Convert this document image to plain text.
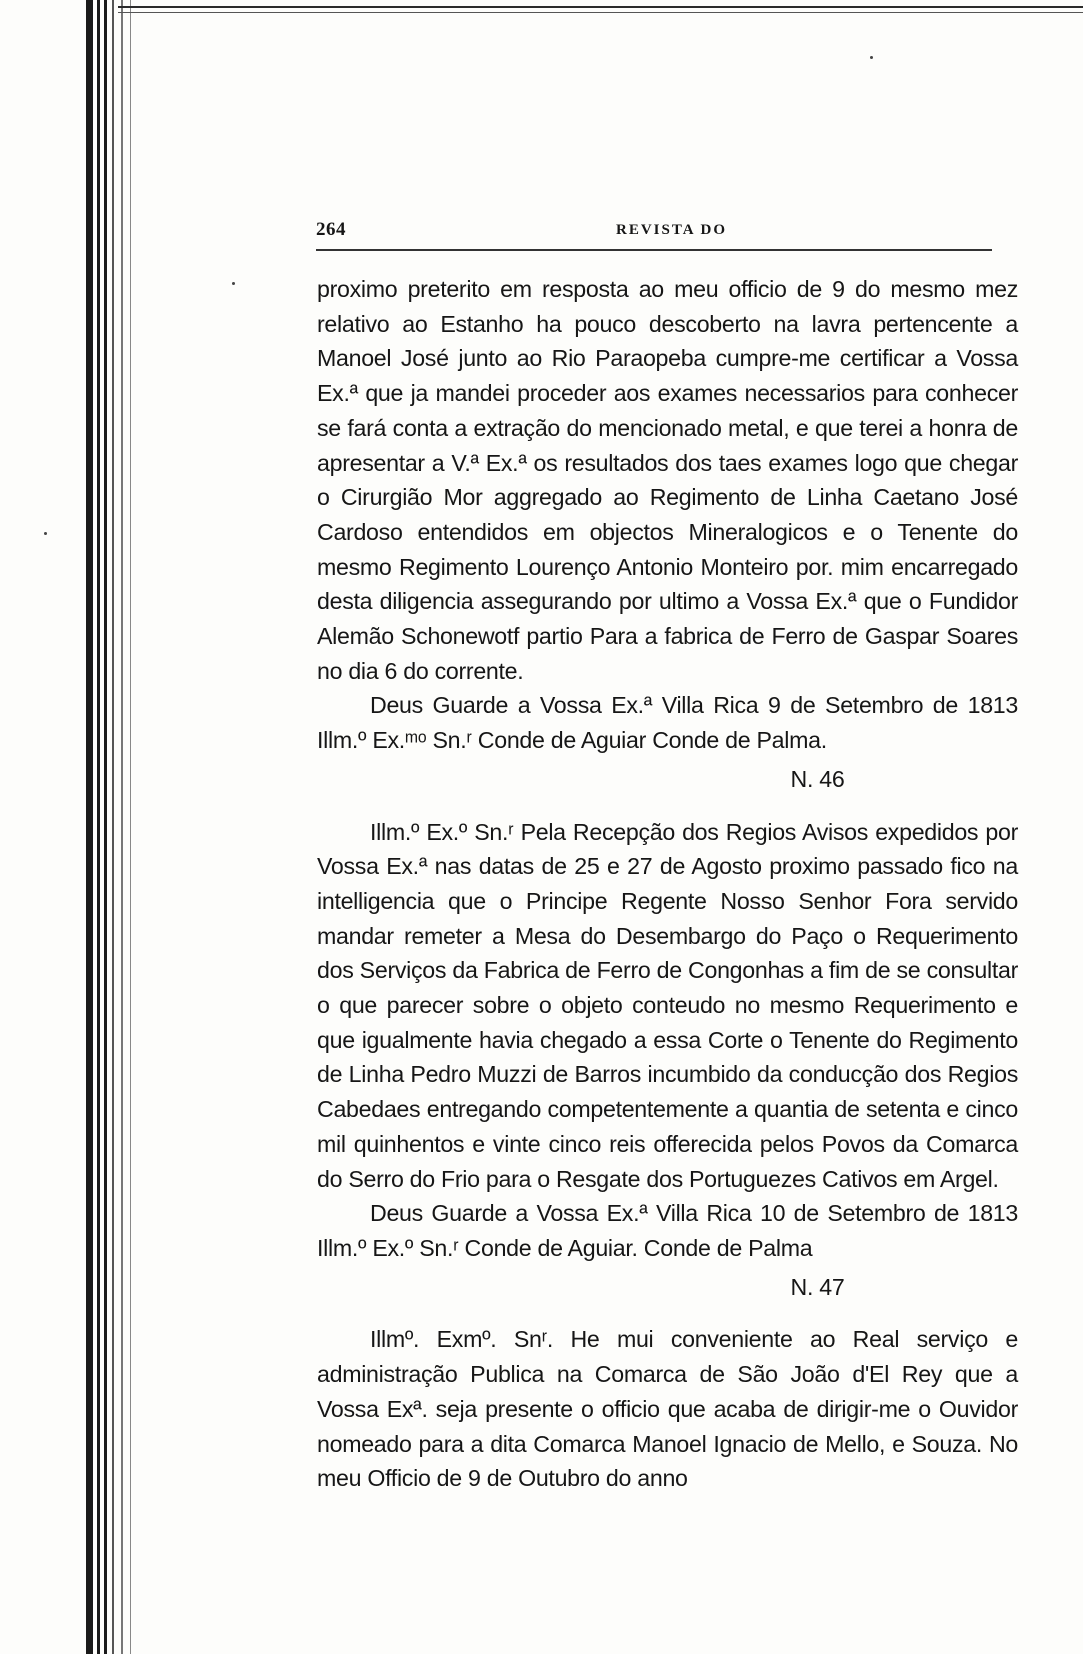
264	REVISTA DO

proximo preterito em resposta ao meu officio de 9 do mesmo mez relativo ao Estanho ha pouco descoberto na lavra pertencente a Manoel José junto ao Rio Paraopeba cumpre-me certificar a Vossa Ex.ª que ja mandei proceder aos exames necessarios para conhecer se fará conta a extração do mencionado metal, e que terei a honra de apresentar a V.ª Ex.ª os resultados dos taes exames logo que chegar o Cirurgião Mor aggregado ao Regimento de Linha Caetano José Cardoso entendidos em objectos Mineralogicos e o Tenente do mesmo Regimento Lourenço Antonio Monteiro por. mim encarregado desta diligencia assegurando por ultimo a Vossa Ex.ª que o Fundidor Alemão Schonewotf partio Para a fabrica de Ferro de Gaspar Soares no dia 6 do corrente.

Deus Guarde a Vossa Ex.ª Villa Rica 9 de Setembro de 1813 Illm.º Ex.ᵐᵒ Sn.ʳ Conde de Aguiar Conde de Palma.

N. 46

Illm.º Ex.º Sn.ʳ Pela Recepção dos Regios Avisos expedidos por Vossa Ex.ª nas datas de 25 e 27 de Agosto proximo passado fico na intelligencia que o Principe Regente Nosso Senhor Fora servido mandar remeter a Mesa do Desembargo do Paço o Requerimento dos Serviços da Fabrica de Ferro de Congonhas a fim de se consultar o que parecer sobre o objeto conteudo no mesmo Requerimento e que igualmente havia chegado a essa Corte o Tenente do Regimento de Linha Pedro Muzzi de Barros incumbido da conducção dos Regios Cabedaes entregando competentemente a quantia de setenta e cinco mil quinhentos e vinte cinco reis offerecida pelos Povos da Comarca do Serro do Frio para o Resgate dos Portuguezes Cativos em Argel.

Deus Guarde a Vossa Ex.ª Villa Rica 10 de Setembro de 1813 Illm.º Ex.º Sn.ʳ Conde de Aguiar. Conde de Palma

N. 47

Illmº. Exmº. Snʳ. He mui conveniente ao Real serviço e administração Publica na Comarca de São João d'El Rey que a Vossa Exª. seja presente o officio que acaba de dirigir-me o Ouvidor nomeado para a dita Comarca Manoel Ignacio de Mello, e Souza. No meu Officio de 9 de Outubro do anno
